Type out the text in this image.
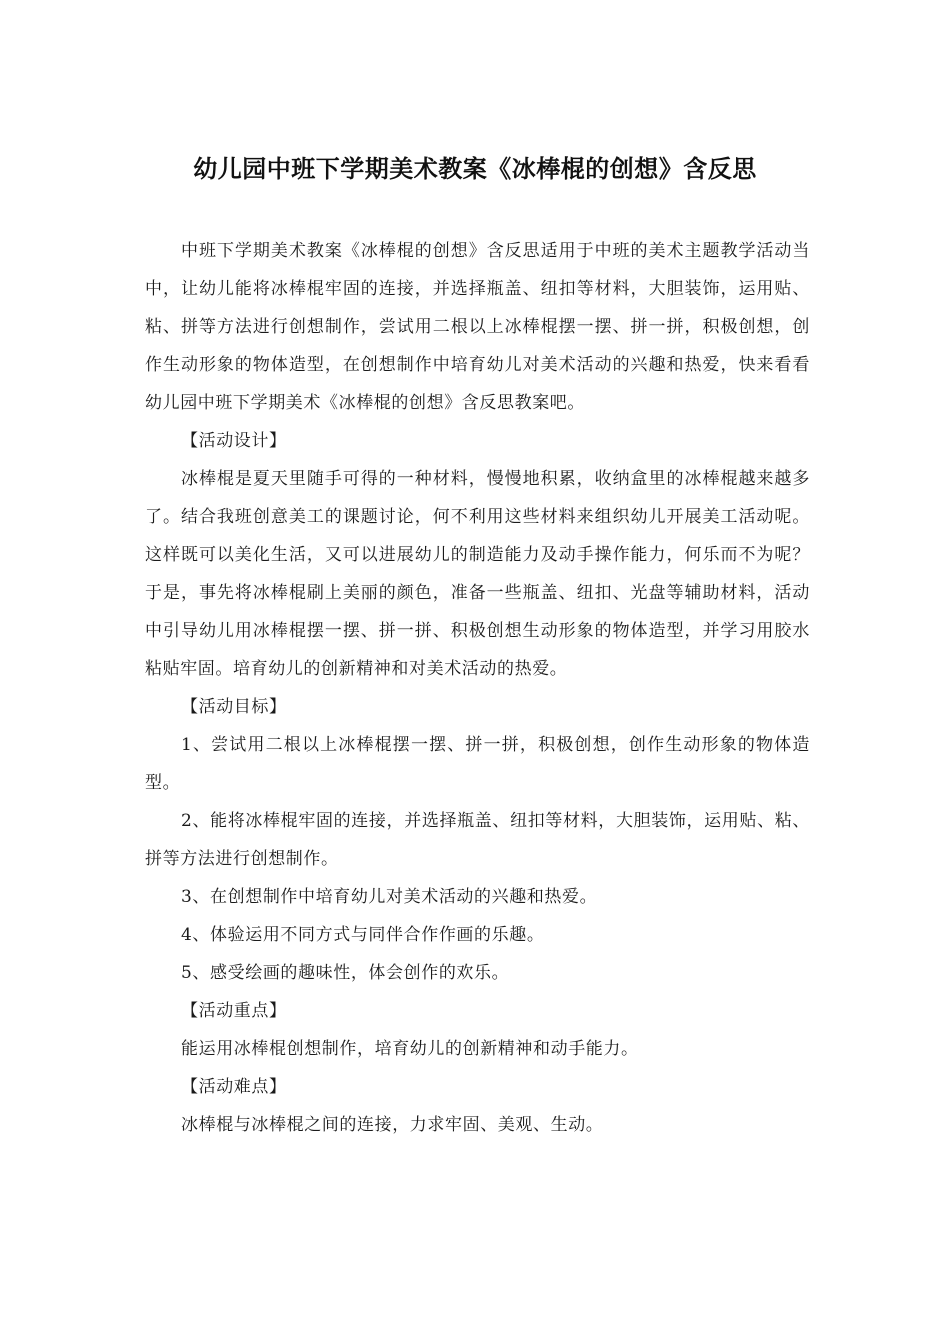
幼儿园中班下学期美术教案《冰棒棍的创想》含反思

中班下学期美术教案《冰棒棍的创想》含反思适用于中班的美术主题教学活动当中，让幼儿能将冰棒棍牢固的连接，并选择瓶盖、纽扣等材料，大胆装饰，运用贴、粘、拼等方法进行创想制作，尝试用二根以上冰棒棍摆一摆、拼一拼，积极创想，创作生动形象的物体造型，在创想制作中培育幼儿对美术活动的兴趣和热爱，快来看看幼儿园中班下学期美术《冰棒棍的创想》含反思教案吧。

【活动设计】

冰棒棍是夏天里随手可得的一种材料，慢慢地积累，收纳盒里的冰棒棍越来越多了。结合我班创意美工的课题讨论，何不利用这些材料来组织幼儿开展美工活动呢。这样既可以美化生活，又可以进展幼儿的制造能力及动手操作能力，何乐而不为呢？于是，事先将冰棒棍刷上美丽的颜色，准备一些瓶盖、纽扣、光盘等辅助材料，活动中引导幼儿用冰棒棍摆一摆、拼一拼、积极创想生动形象的物体造型，并学习用胶水粘贴牢固。培育幼儿的创新精神和对美术活动的热爱。

【活动目标】

1、尝试用二根以上冰棒棍摆一摆、拼一拼，积极创想，创作生动形象的物体造型。

2、能将冰棒棍牢固的连接，并选择瓶盖、纽扣等材料，大胆装饰，运用贴、粘、拼等方法进行创想制作。

3、在创想制作中培育幼儿对美术活动的兴趣和热爱。

4、体验运用不同方式与同伴合作作画的乐趣。

5、感受绘画的趣味性，体会创作的欢乐。

【活动重点】

能运用冰棒棍创想制作，培育幼儿的创新精神和动手能力。

【活动难点】

冰棒棍与冰棒棍之间的连接，力求牢固、美观、生动。
